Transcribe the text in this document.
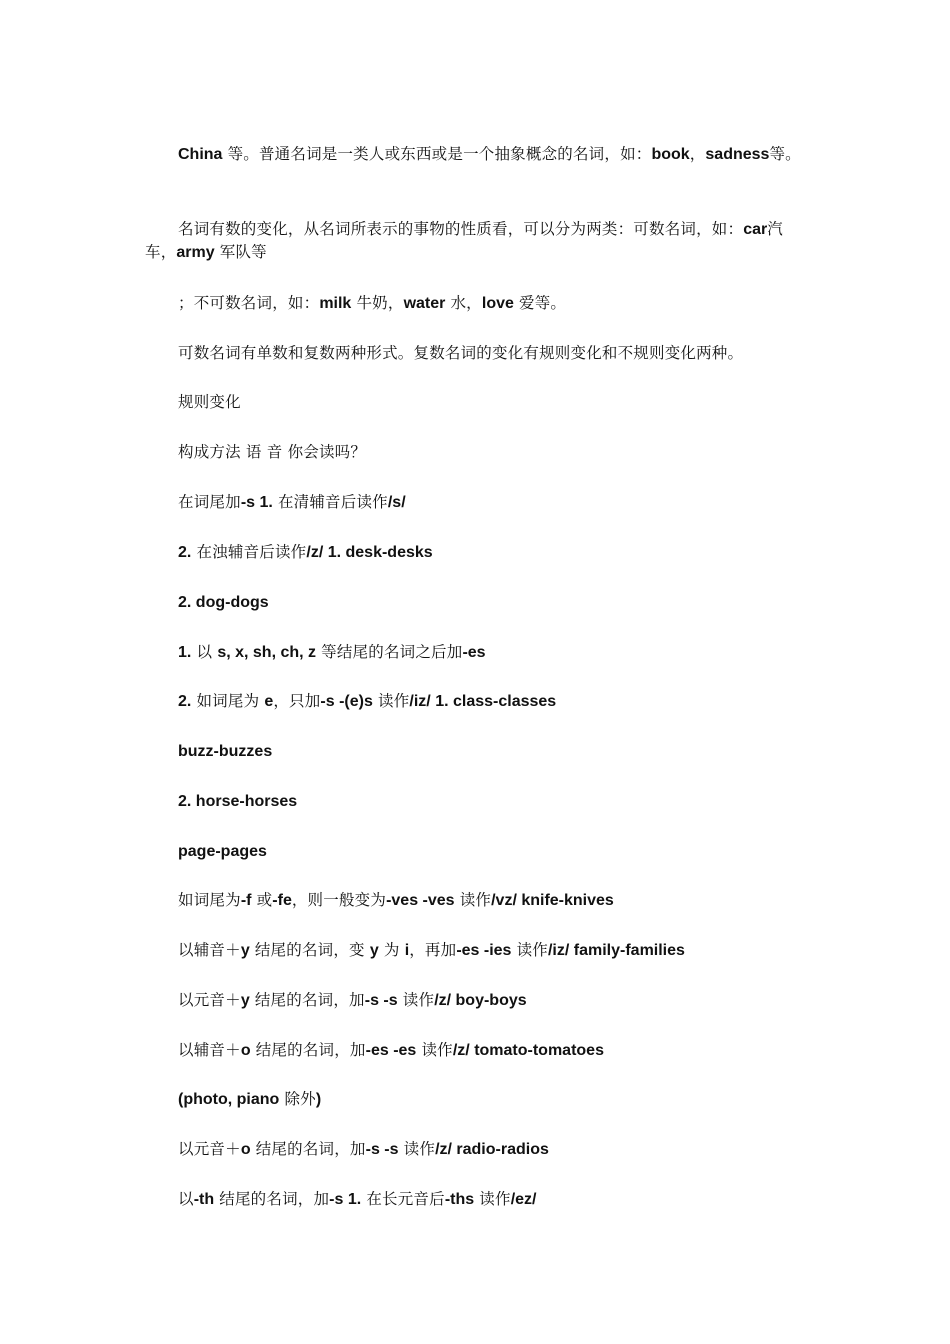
China 等。普通名词是一类人或东西或是一个抽象概念的名词，如：book，sadness等。
名词有数的变化，从名词所表示的事物的性质看，可以分为两类：可数名词，如：car汽车，army 军队等
；不可数名词，如：milk 牛奶，water 水，love 爱等。
可数名词有单数和复数两种形式。复数名词的变化有规则变化和不规则变化两种。
规则变化
构成方法 语 音 你会读吗？
在词尾加-s 1. 在清辅音后读作/s/
2. 在浊辅音后读作/z/ 1. desk-desks
2. dog-dogs
1. 以 s, x, sh, ch, z 等结尾的名词之后加-es
2. 如词尾为 e，只加-s -(e)s 读作/iz/ 1. class-classes
buzz-buzzes
2. horse-horses
page-pages
如词尾为-f 或-fe，则一般变为-ves -ves 读作/vz/ knife-knives
以辅音＋y 结尾的名词，变 y 为 i，再加-es -ies 读作/iz/ family-families
以元音＋y 结尾的名词，加-s -s 读作/z/ boy-boys
以辅音＋o 结尾的名词，加-es -es 读作/z/ tomato-tomatoes
(photo, piano 除外)
以元音＋o 结尾的名词，加-s -s 读作/z/ radio-radios
以-th 结尾的名词，加-s 1. 在长元音后-ths 读作/ez/
